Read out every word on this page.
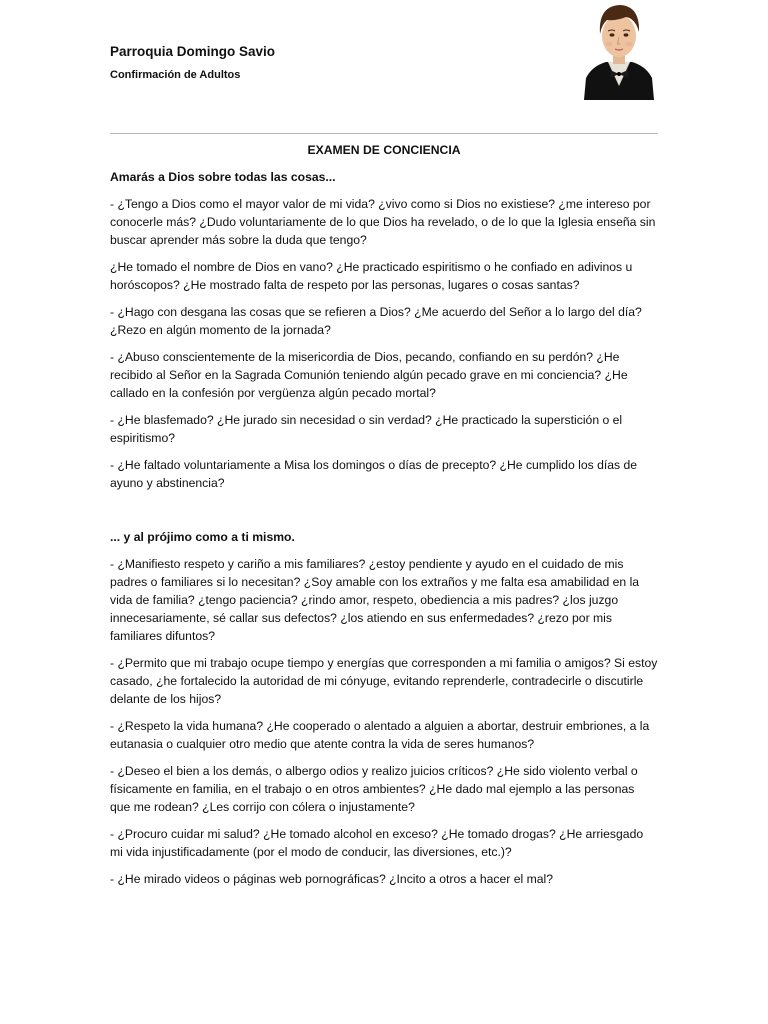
Parroquia Domingo Savio

Confirmación de Adultos

EXAMEN DE CONCIENCIA

Amarás a Dios sobre todas las cosas...

- ¿Tengo a Dios como el mayor valor de mi vida? ¿vivo como si Dios no existiese? ¿me intereso por conocerle más? ¿Dudo voluntariamente de lo que Dios ha revelado, o de lo que la Iglesia enseña sin buscar aprender más sobre la duda que tengo?

¿He tomado el nombre de Dios en vano? ¿He practicado espiritismo o he confiado en adivinos u horóscopos? ¿He mostrado falta de respeto por las personas, lugares o cosas santas?

- ¿Hago con desgana las cosas que se refieren a Dios? ¿Me acuerdo del Señor a lo largo del día? ¿Rezo en algún momento de la jornada?

- ¿Abuso conscientemente de la misericordia de Dios, pecando, confiando en su perdón? ¿He recibido al Señor en la Sagrada Comunión teniendo algún pecado grave en mi conciencia? ¿He callado en la confesión por vergüenza algún pecado mortal?

- ¿He blasfemado? ¿He jurado sin necesidad o sin verdad? ¿He practicado la superstición o el espiritismo?

- ¿He faltado voluntariamente a Misa los domingos o días de precepto? ¿He cumplido los días de ayuno y abstinencia?

... y al prójimo como a ti mismo.

- ¿Manifiesto respeto y cariño a mis familiares? ¿estoy pendiente y ayudo en el cuidado de mis padres o familiares si lo necesitan? ¿Soy amable con los extraños y me falta esa amabilidad en la vida de familia? ¿tengo paciencia? ¿rindo amor, respeto, obediencia a mis padres? ¿los juzgo innecesariamente, sé callar sus defectos? ¿los atiendo en sus enfermedades? ¿rezo por mis familiares difuntos?

- ¿Permito que mi trabajo ocupe tiempo y energías que corresponden a mi familia o amigos? Si estoy casado, ¿he fortalecido la autoridad de mi cónyuge, evitando reprenderle, contradecirle o discutirle delante de los hijos?

- ¿Respeto la vida humana? ¿He cooperado o alentado a alguien a abortar, destruir embriones, a la eutanasia o cualquier otro medio que atente contra la vida de seres humanos?

- ¿Deseo el bien a los demás, o albergo odios y realizo juicios críticos? ¿He sido violento verbal o físicamente en familia, en el trabajo o en otros ambientes? ¿He dado mal ejemplo a las personas que me rodean? ¿Les corrijo con cólera o injustamente?

- ¿Procuro cuidar mi salud? ¿He tomado alcohol en exceso? ¿He tomado drogas? ¿He arriesgado mi vida injustificadamente (por el modo de conducir, las diversiones, etc.)?

- ¿He mirado videos o páginas web pornográficas? ¿Incito a otros a hacer el mal?
